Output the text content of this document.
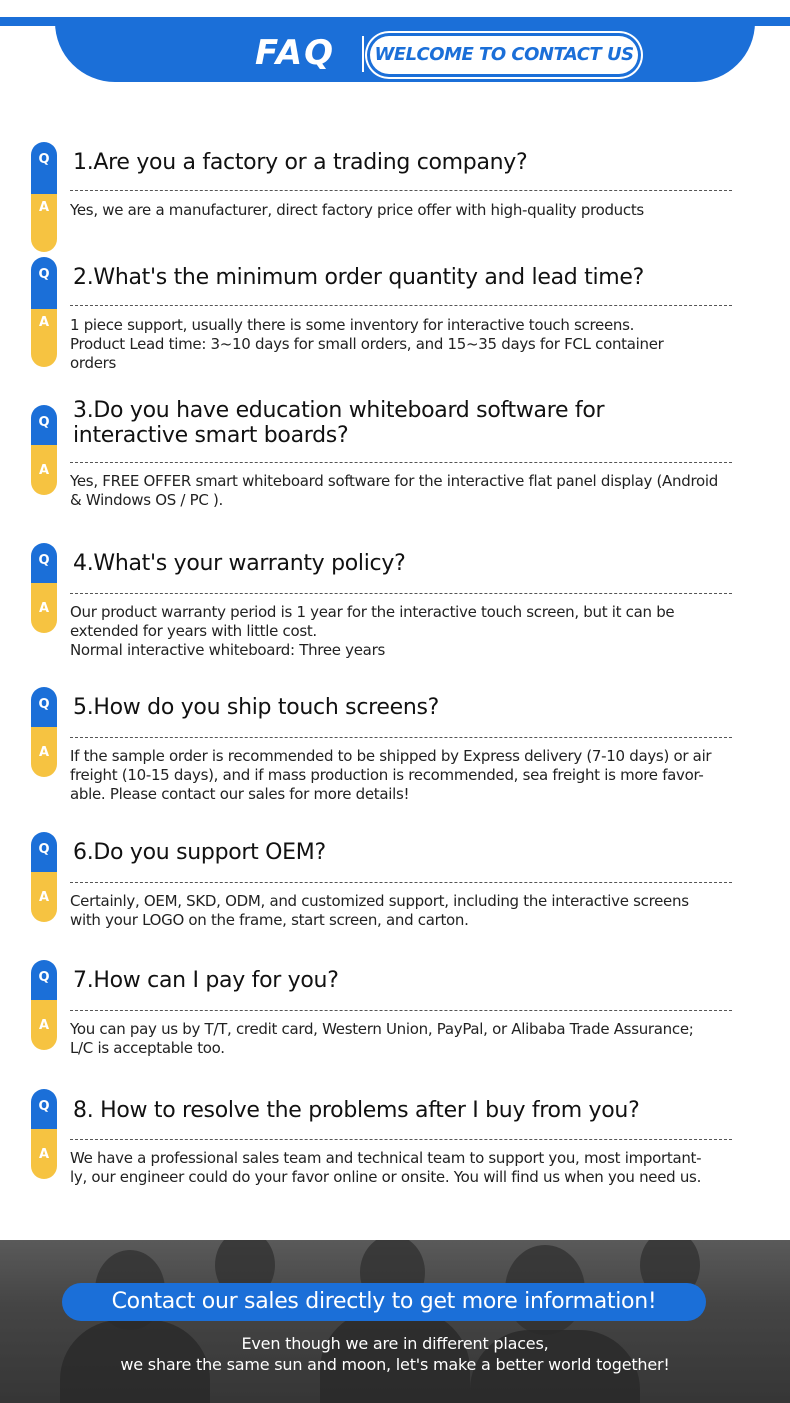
FAQ WELCOME TO CONTACT US
Q
A
1.Are you a factory or a trading company?
Yes, we are a manufacturer, direct factory price offer with high-quality products
Q
A
2.What's the minimum order quantity and lead time?
1 piece support, usually there is some inventory for interactive touch screens.
Product Lead time: 3~10 days for small orders, and 15~35 days for FCL container
orders
Q
A
3.Do you have education whiteboard software for
interactive smart boards?
Yes, FREE OFFER smart whiteboard software for the interactive flat panel display (Android
& Windows OS / PC ).
Q
A
4.What's your warranty policy?
Our product warranty period is 1 year for the interactive touch screen, but it can be
extended for years with little cost.
Normal interactive whiteboard: Three years
Q
A
5.How do you ship touch screens?
If the sample order is recommended to be shipped by Express delivery (7-10 days) or air
freight (10-15 days), and if mass production is recommended, sea freight is more favor-
able. Please contact our sales for more details!
Q
A
6.Do you support OEM?
Certainly, OEM, SKD, ODM, and customized support, including the interactive screens
with your LOGO on the frame, start screen, and carton.
Q
A
7.How can I pay for you?
You can pay us by T/T, credit card, Western Union, PayPal, or Alibaba Trade Assurance;
L/C is acceptable too.
Q
A
8. How to resolve the problems after I buy from you?
We have a professional sales team and technical team to support you, most important-
ly, our engineer could do your favor online or onsite. You will find us when you need us.
Contact our sales directly to get more information!
Even though we are in different places,
we share the same sun and moon, let's make a better world together!
